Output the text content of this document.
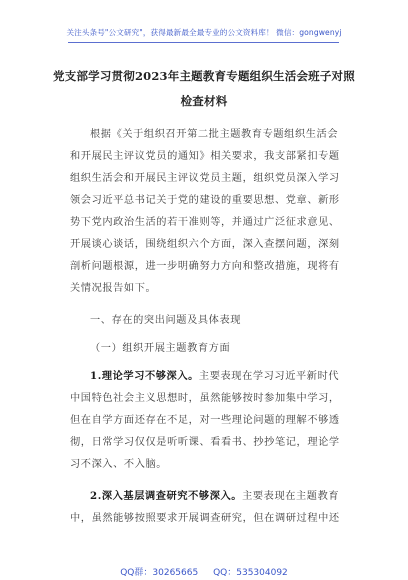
关注头条号"公文研究"，获得最新最全最专业的公文资料库！ 微信：gongwenyj
党支部学习贯彻2023年主题教育专题组织生活会班子对照
检查材料
根据《关于组织召开第二批主题教育专题组织生活会
和开展民主评议党员的通知》相关要求，我支部紧扣专题
组织生活会和开展民主评议党员主题，组织党员深入学习
领会习近平总书记关于党的建设的重要思想、党章、新形
势下党内政治生活的若干准则等，并通过广泛征求意见、
开展谈心谈话，围绕组织六个方面，深入查摆问题，深刻
剖析问题根源，进一步明确努力方向和整改措施，现将有
关情况报告如下。
一、存在的突出问题及具体表现
（一）组织开展主题教育方面
1.理论学习不够深入。主要表现在学习习近平新时代
中国特色社会主义思想时，虽然能够按时参加集中学习，
但在自学方面还存在不足，对一些理论问题的理解不够透
彻，日常学习仅仅是听听课、看看书、抄抄笔记，理论学
习不深入、不入脑。
2.深入基层调查研究不够深入。主要表现在主题教育
中，虽然能够按照要求开展调查研究，但在调研过程中还
QQ群：30265665 QQ：535304092
